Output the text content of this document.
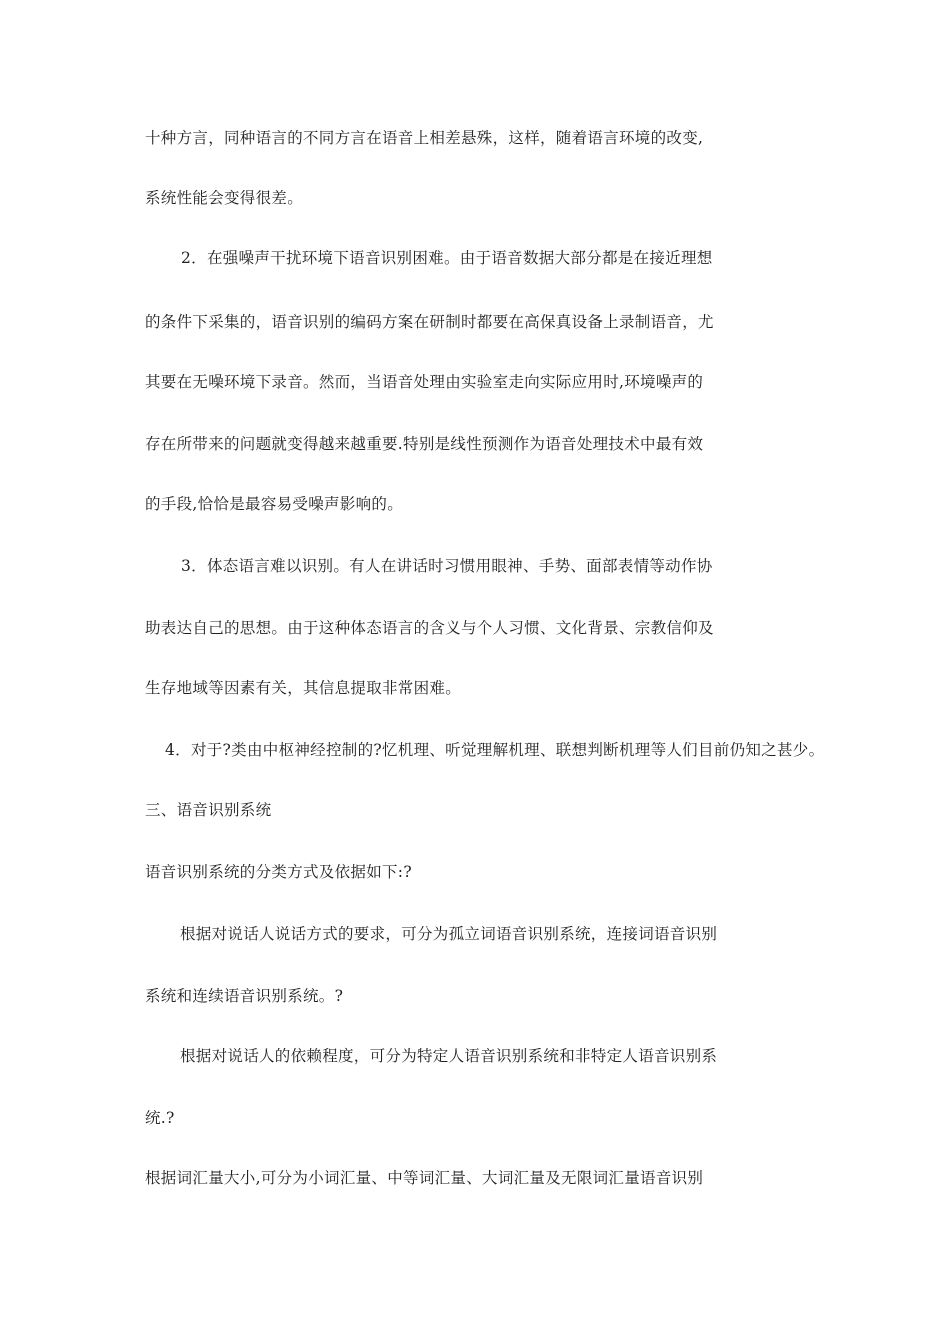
十种方言，同种语言的不同方言在语音上相差悬殊，这样，随着语言环境的改变,
系统性能会变得很差。
2．在强噪声干扰环境下语音识别困难。由于语音数据大部分都是在接近理想
的条件下采集的，语音识别的编码方案在研制时都要在高保真设备上录制语音，尤
其要在无噪环境下录音。然而，当语音处理由实验室走向实际应用时,环境噪声的
存在所带来的问题就变得越来越重要.特别是线性预测作为语音处理技术中最有效
的手段,恰恰是最容易受噪声影响的。
3．体态语言难以识别。有人在讲话时习惯用眼神、手势、面部表情等动作协
助表达自己的思想。由于这种体态语言的含义与个人习惯、文化背景、宗教信仰及
生存地域等因素有关，其信息提取非常困难。
4．对于?类由中枢神经控制的?忆机理、听觉理解机理、联想判断机理等人们目前仍知之甚少。
三、语音识别系统
语音识别系统的分类方式及依据如下:?
根据对说话人说话方式的要求，可分为孤立词语音识别系统，连接词语音识别
系统和连续语音识别系统。?
根据对说话人的依赖程度，可分为特定人语音识别系统和非特定人语音识别系
统.?
根据词汇量大小,可分为小词汇量、中等词汇量、大词汇量及无限词汇量语音识别
